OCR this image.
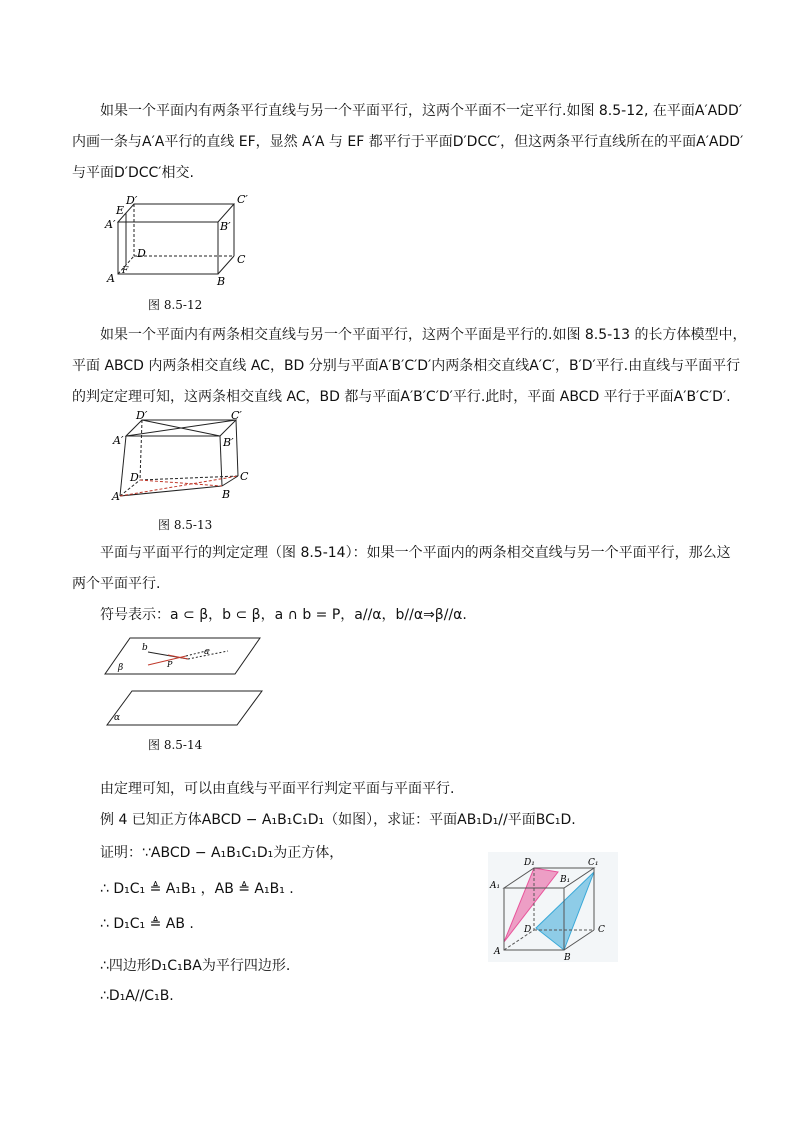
如果一个平面内有两条平行直线与另一个平面平行，这两个平面不一定平行.如图 8.5-12, 在平面A′ADD′
内画一条与A′A平行的直线 EF，显然 A′A 与 EF 都平行于平面D′DCC′，但这两条平行直线所在的平面A′ADD′
与平面D′DCC′相交.
D′	C′
E
A′	B′
D	C
A
F
B
图 8.5-12
如果一个平面内有两条相交直线与另一个平面平行，这两个平面是平行的.如图 8.5-13 的长方体模型中，
平面 ABCD 内两条相交直线 AC，BD 分别与平面A′B′C′D′内两条相交直线A′C′，B′D′平行.由直线与平面平行
的判定定理可知，这两条相交直线 AC，BD 都与平面A′B′C′D′平行.此时，平面 ABCD 平行于平面A′B′C′D′.
D′	C′
A′	B′
D	C
A	B
图 8.5-13
平面与平面平行的判定定理（图 8.5-14）：如果一个平面内的两条相交直线与另一个平面平行，那么这
两个平面平行.
符号表示：a ⊂ β，b ⊂ β，a ∩ b = P，a//α，b//α⇒β//α.
b	a
β	P
α
图 8.5-14
由定理可知，可以由直线与平面平行判定平面与平面平行.
例 4 已知正方体ABCD − A₁B₁C₁D₁（如图），求证：平面AB₁D₁//平面BC₁D.
证明：∵ABCD − A₁B₁C₁D₁为正方体，
∴ D₁C₁ ≜ A₁B₁ ，AB ≜ A₁B₁ .
∴ D₁C₁ ≜ AB .
∴四边形D₁C₁BA为平行四边形.
∴D₁A//C₁B.
D₁	C₁
A₁
B₁
D	C
A
B
